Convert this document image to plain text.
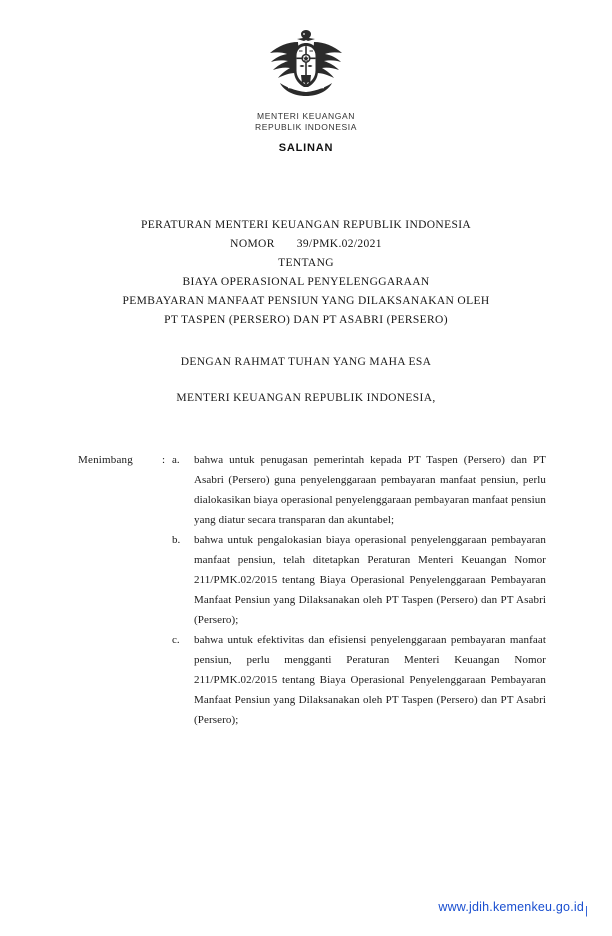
MENTERI KEUANGAN
REPUBLIK INDONESIA
SALINAN
PERATURAN MENTERI KEUANGAN REPUBLIK INDONESIA
NOMOR 39/PMK.02/2021
TENTANG
BIAYA OPERASIONAL PENYELENGGARAAN
PEMBAYARAN MANFAAT PENSIUN YANG DILAKSANAKAN OLEH
PT TASPEN (PERSERO) DAN PT ASABRI (PERSERO)
DENGAN RAHMAT TUHAN YANG MAHA ESA
MENTERI KEUANGAN REPUBLIK INDONESIA,
Menimbang	: a.	bahwa untuk penugasan pemerintah kepada PT Taspen (Persero) dan PT Asabri (Persero) guna penyelenggaraan pembayaran manfaat pensiun, perlu dialokasikan biaya operasional penyelenggaraan pembayaran manfaat pensiun yang diatur secara transparan dan akuntabel;
b.	bahwa untuk pengalokasian biaya operasional penyelenggaraan pembayaran manfaat pensiun, telah ditetapkan Peraturan Menteri Keuangan Nomor 211/PMK.02/2015 tentang Biaya Operasional Penyelenggaraan Pembayaran Manfaat Pensiun yang Dilaksanakan oleh PT Taspen (Persero) dan PT Asabri (Persero);
c.	bahwa untuk efektivitas dan efisiensi penyelenggaraan pembayaran manfaat pensiun, perlu mengganti Peraturan Menteri Keuangan Nomor 211/PMK.02/2015 tentang Biaya Operasional Penyelenggaraan Pembayaran Manfaat Pensiun yang Dilaksanakan oleh PT Taspen (Persero) dan PT Asabri (Persero);
www.jdih.kemenkeu.go.id |
